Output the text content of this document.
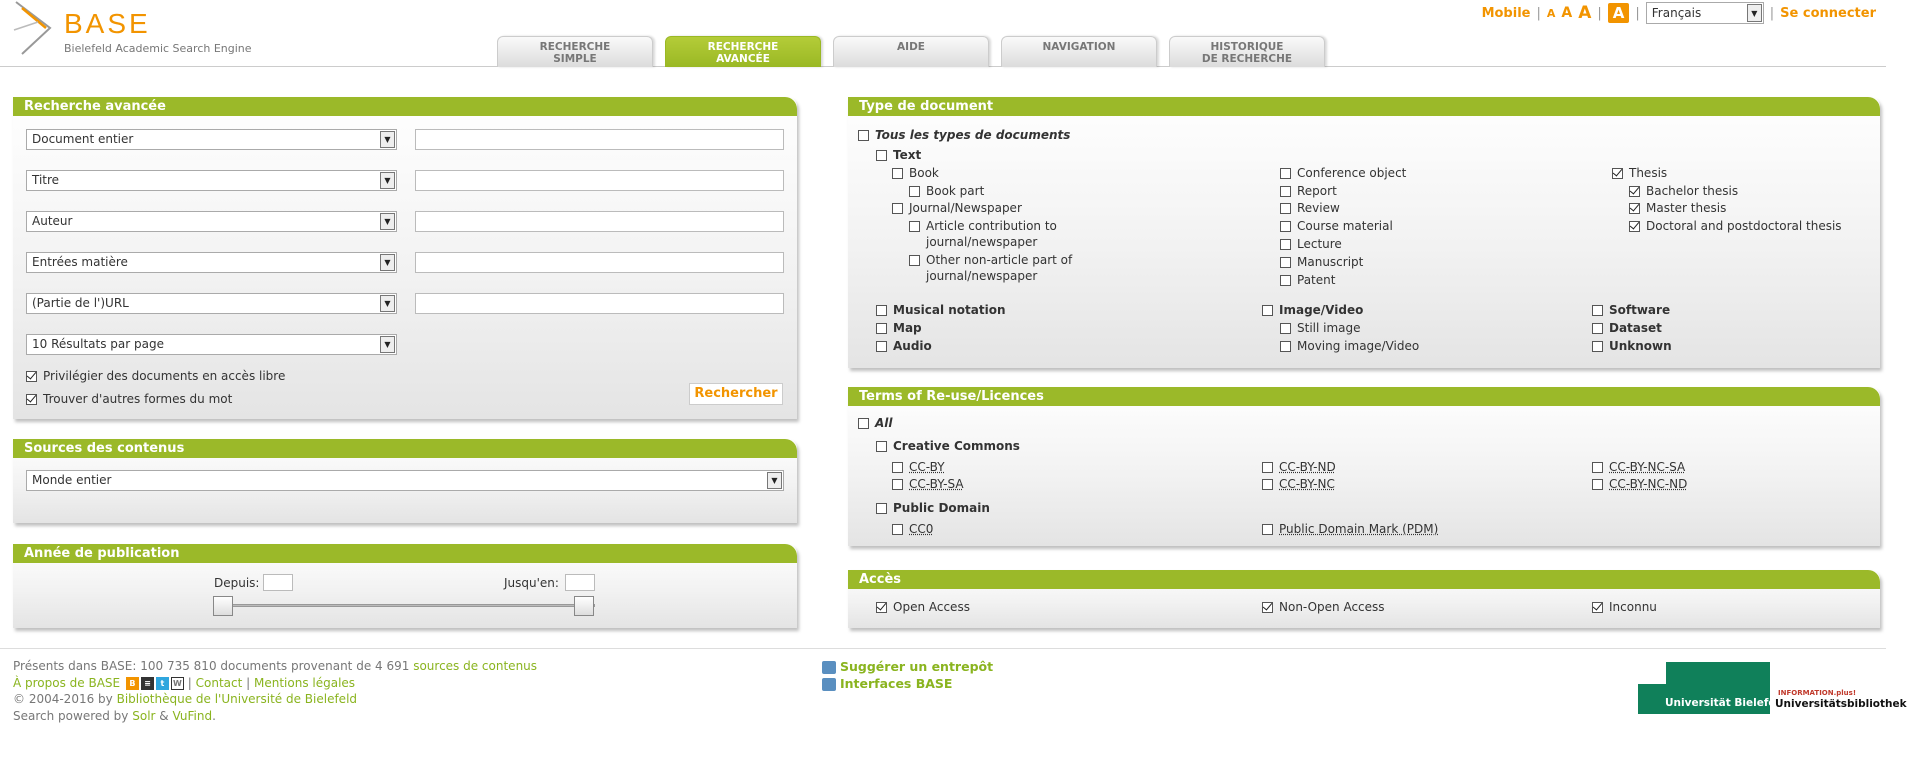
BASE
Bielefeld Academic Search Engine	RECHERCHE
SIMPLE
RECHERCHE
AVANCÉE
AIDE	NAVIGATION	HISTORIQUE
DE RECHERCHE
Mobile | A A A | A | Français	▼ | Se connecter
Recherche avancée
Document entier	▼
Titre	▼
Auteur	▼
Entrées matière	▼
(Partie de l')URL	▼
10 Résultats par page	▼
Privilégier des documents en accès libre
Trouver d'autres formes du mot	Rechercher
Sources des contenus
Monde entier	▼
Année de publication
Depuis:	Jusqu'en:
Type de document
Tous les types de documents
Text
Book
Book part
Journal/Newspaper
Article contribution to
journal/newspaper
Other non-article part of
journal/newspaper
Conference object
Report
Review
Course material
Lecture
Manuscript
Patent
Thesis
Bachelor thesis
Master thesis
Doctoral and postdoctoral thesis
Musical notation
Map
Audio
Image/Video
Still image
Moving image/Video
Software
Dataset
Unknown
Terms of Re-use/Licences
All
Creative Commons
CC-BY
CC-BY-SA
CC-BY-ND
CC-BY-NC
CC-BY-NC-SA
CC-BY-NC-ND
Public Domain
CC0	Public Domain Mark (PDM)
Accès
Open Access	Non-Open Access	Inconnu
Présents dans BASE: 100 735 810 documents provenant de 4 691 sources de contenus
À propos de BASE B ≡ t W | Contact | Mentions légales
© 2004-2016 by Bibliothèque de l'Université de Bielefeld
Search powered by Solr & VuFind.
Suggérer un entrepôt
Interfaces BASE
Universität Bielefeld
INFORMATION.plus!
Universitätsbibliothek
